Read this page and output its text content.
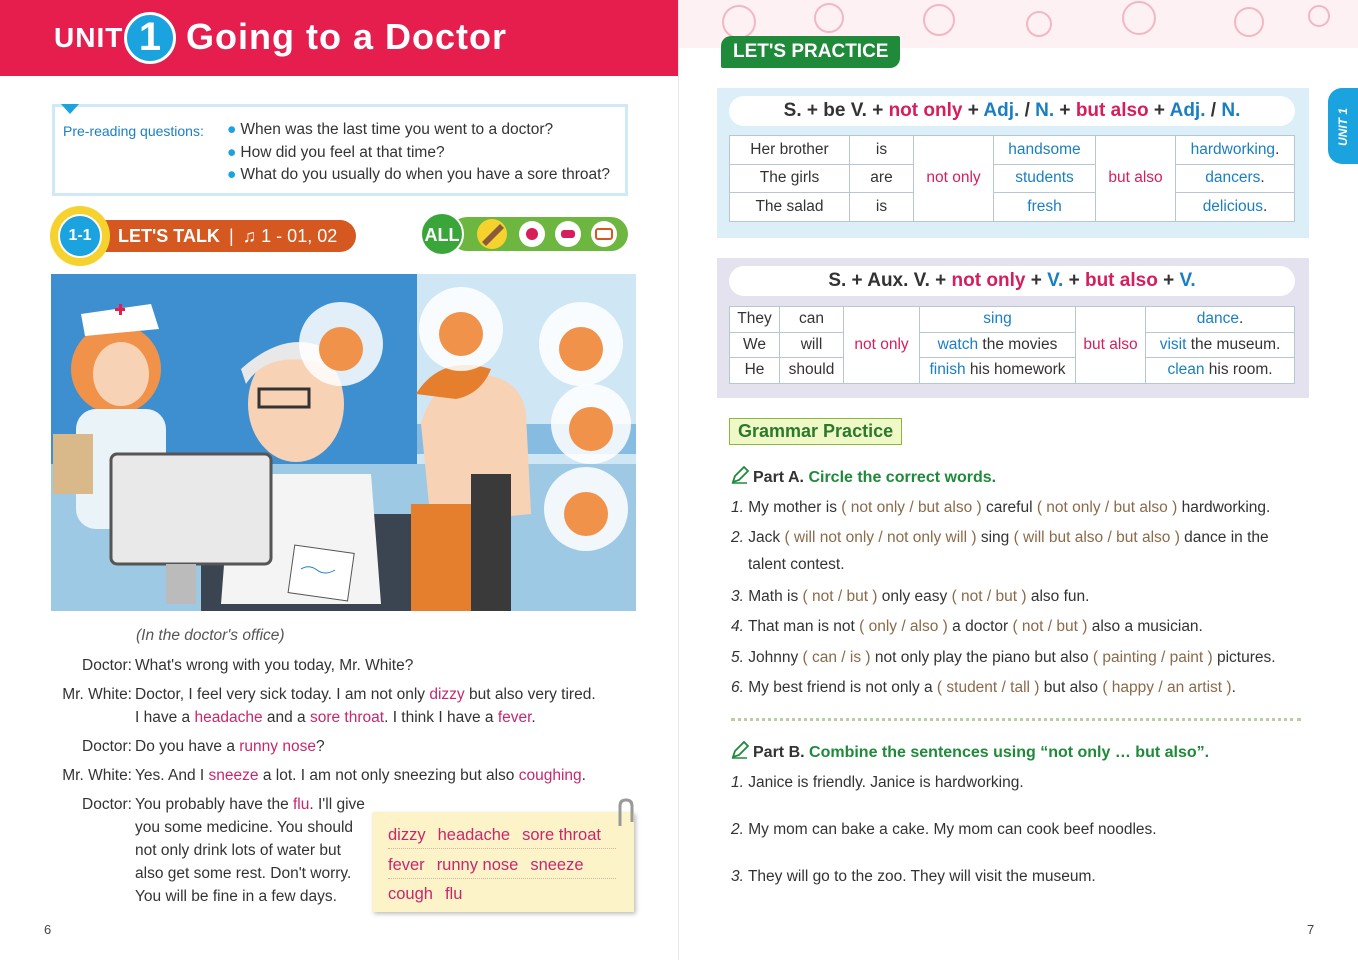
UNIT 1 Going to a Doctor
Pre-reading questions: ● When was the last time you went to a doctor?
● How did you feel at that time?
● What do you usually do when you have a sore throat?
LET'S TALK | ♫ 1 - 01, 02
1-1	ALL
(In the doctor's office)
Doctor: What's wrong with you today, Mr. White?
Mr. White: Doctor, I feel very sick today. I am not only dizzy but also very tired.
I have a headache and a sore throat. I think I have a fever.
Doctor: Do you have a runny nose?
Mr. White: Yes. And I sneeze a lot. I am not only sneezing but also coughing.
Doctor: You probably have the flu. I'll give
you some medicine. You should
not only drink lots of water but
also get some rest. Don't worry.
You will be fine in a few days.
dizzy headache sore throat
fever runny nose sneeze
cough flu
6
LET'S PRACTICE
UNIT 1
S. + be V. + not only + Adj. / N. + but also + Adj. / N.
Her brother	is	not only	handsome	but also	hardworking.
The girls	are		students		dancers.
The salad	is		fresh		delicious.
S. + Aux. V. + not only + V. + but also + V.
They	can	not only	sing	but also	dance.
We	will		watch the movies		visit the museum.
He	should		finish his homework		clean his room.
Grammar Practice
Part A. Circle the correct words.
1. My mother is ( not only / but also ) careful ( not only / but also ) hardworking.
2. Jack ( will not only / not only will ) sing ( will but also / but also ) dance in the
talent contest.
3. Math is ( not / but ) only easy ( not / but ) also fun.
4. That man is not ( only / also ) a doctor ( not / but ) also a musician.
5. Johnny ( can / is ) not only play the piano but also ( painting / paint ) pictures.
6. My best friend is not only a ( student / tall ) but also ( happy / an artist ).
Part B. Combine the sentences using “not only … but also”.
1. Janice is friendly. Janice is hardworking.
2. My mom can bake a cake. My mom can cook beef noodles.
3. They will go to the zoo. They will visit the museum.
7
